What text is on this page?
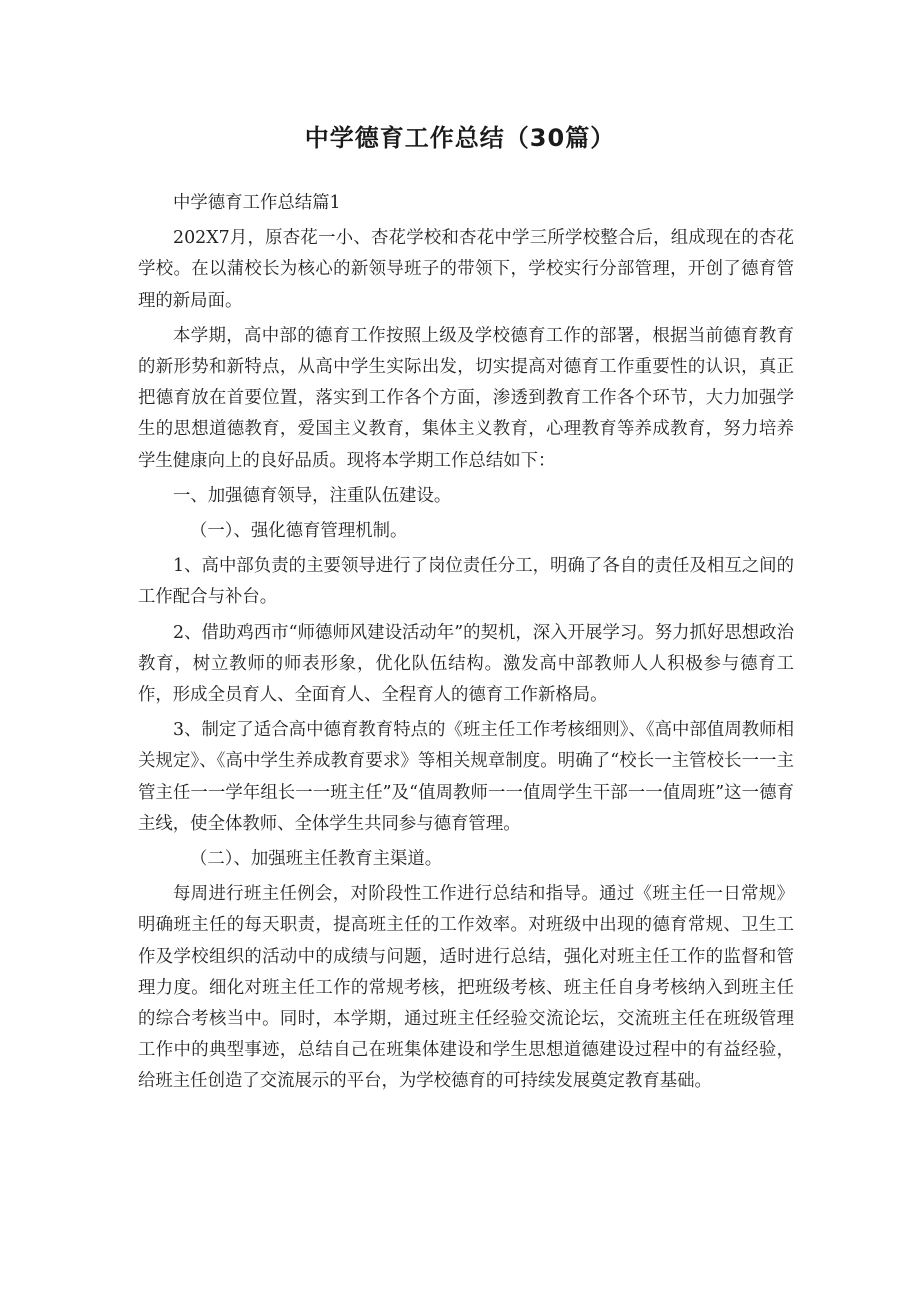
中学德育工作总结（30篇）

中学德育工作总结篇1

202X7月，原杏花一小、杏花学校和杏花中学三所学校整合后，组成现在的杏花学校。在以蒲校长为核心的新领导班子的带领下，学校实行分部管理，开创了德育管理的新局面。

本学期，高中部的德育工作按照上级及学校德育工作的部署，根据当前德育教育的新形势和新特点，从高中学生实际出发，切实提高对德育工作重要性的认识，真正把德育放在首要位置，落实到工作各个方面，渗透到教育工作各个环节，大力加强学生的思想道德教育，爱国主义教育，集体主义教育，心理教育等养成教育，努力培养学生健康向上的良好品质。现将本学期工作总结如下：

一、加强德育领导，注重队伍建设。

（一）、强化德育管理机制。

1、高中部负责的主要领导进行了岗位责任分工，明确了各自的责任及相互之间的工作配合与补台。

2、借助鸡西市“师德师风建设活动年”的契机，深入开展学习。努力抓好思想政治教育，树立教师的师表形象，优化队伍结构。激发高中部教师人人积极参与德育工作，形成全员育人、全面育人、全程育人的德育工作新格局。

3、制定了适合高中德育教育特点的《班主任工作考核细则》、《高中部值周教师相关规定》、《高中学生养成教育要求》等相关规章制度。明确了“校长一主管校长一一主管主任一一学年组长一一班主任”及“值周教师一一值周学生干部一一值周班”这一德育主线，使全体教师、全体学生共同参与德育管理。

（二）、加强班主任教育主渠道。

每周进行班主任例会，对阶段性工作进行总结和指导。通过《班主任一日常规》明确班主任的每天职责，提高班主任的工作效率。对班级中出现的德育常规、卫生工作及学校组织的活动中的成绩与问题，适时进行总结，强化对班主任工作的监督和管理力度。细化对班主任工作的常规考核，把班级考核、班主任自身考核纳入到班主任的综合考核当中。同时，本学期，通过班主任经验交流论坛，交流班主任在班级管理工作中的典型事迹，总结自己在班集体建设和学生思想道德建设过程中的有益经验，给班主任创造了交流展示的平台，为学校德育的可持续发展奠定教育基础。
